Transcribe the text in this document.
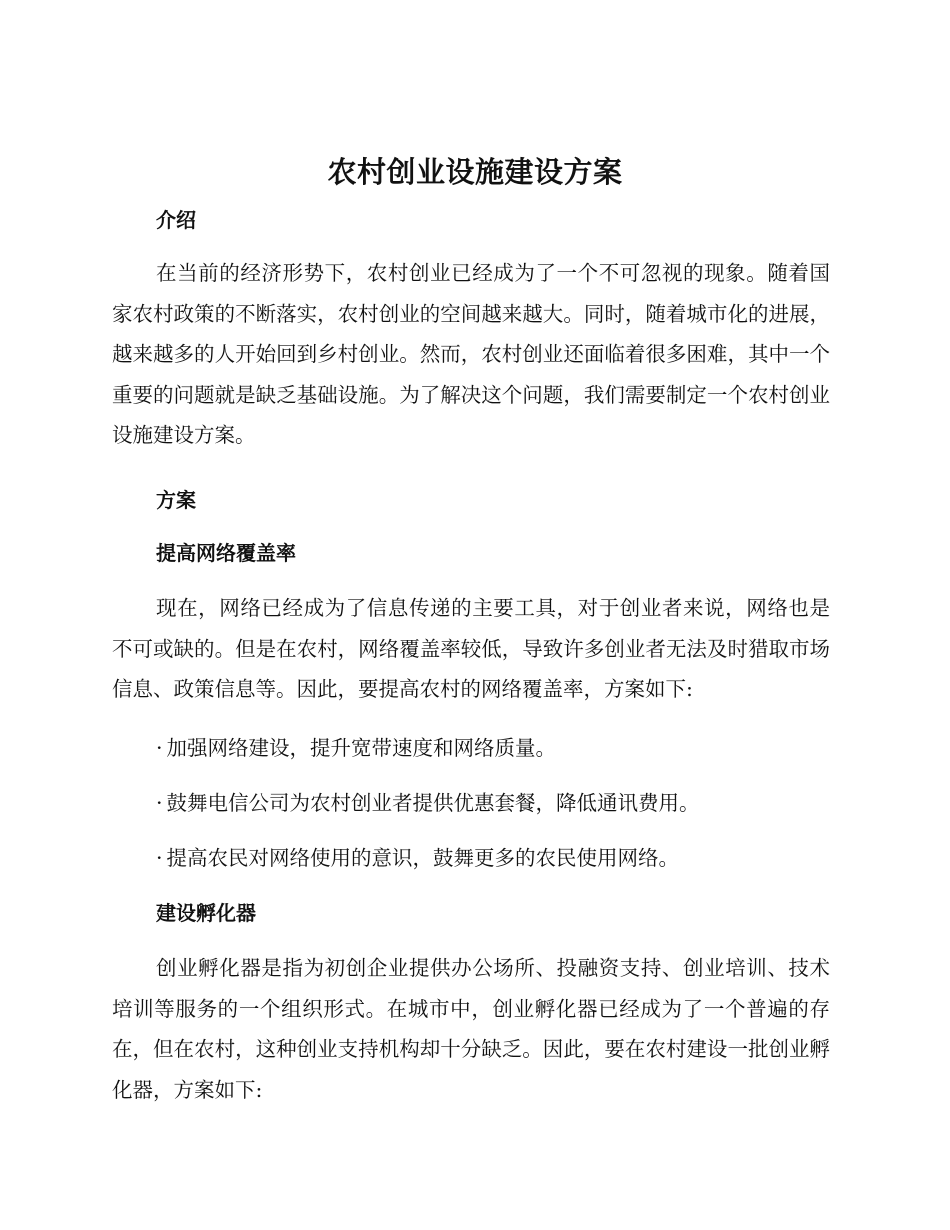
农村创业设施建设方案
介绍

在当前的经济形势下，农村创业已经成为了一个不可忽视的现象。随着国家农村政策的不断落实，农村创业的空间越来越大。同时，随着城市化的进展，越来越多的人开始回到乡村创业。然而，农村创业还面临着很多困难，其中一个重要的问题就是缺乏基础设施。为了解决这个问题，我们需要制定一个农村创业设施建设方案。

方案
提高网络覆盖率

现在，网络已经成为了信息传递的主要工具，对于创业者来说，网络也是不可或缺的。但是在农村，网络覆盖率较低，导致许多创业者无法及时猎取市场信息、政策信息等。因此，要提高农村的网络覆盖率，方案如下:

· 加强网络建设，提升宽带速度和网络质量。
· 鼓舞电信公司为农村创业者提供优惠套餐，降低通讯费用。
· 提高农民对网络使用的意识，鼓舞更多的农民使用网络。
建设孵化器

创业孵化器是指为初创企业提供办公场所、投融资支持、创业培训、技术培训等服务的一个组织形式。在城市中，创业孵化器已经成为了一个普遍的存在，但在农村，这种创业支持机构却十分缺乏。因此，要在农村建设一批创业孵化器，方案如下:
